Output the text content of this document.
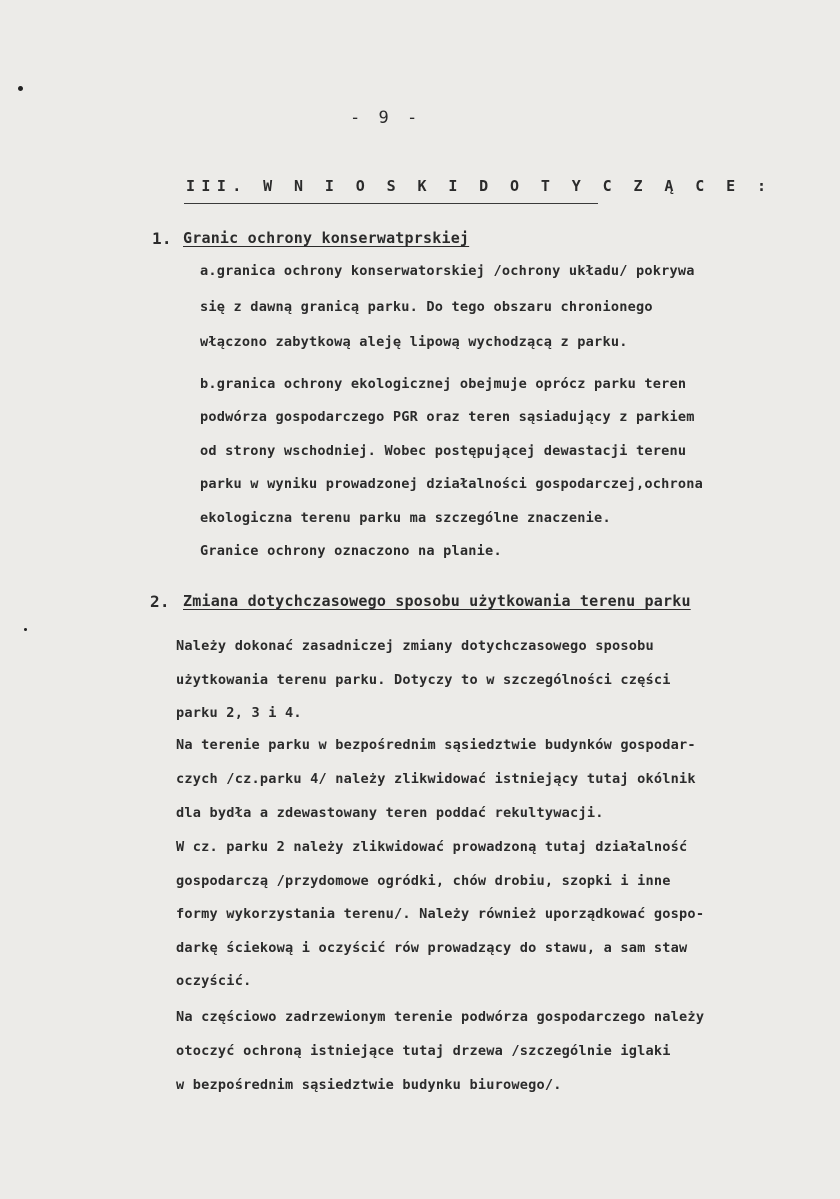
- 9 -
III. W N I O S K I D O T Y C Z Ą C E :
1. Granic ochrony konserwatprskiej
a.granica ochrony konserwatorskiej /ochrony układu/ pokrywa
się z dawną granicą parku. Do tego obszaru chronionego
włączono zabytkową aleję lipową wychodzącą z parku.
b.granica ochrony ekologicznej obejmuje oprócz parku teren
podwórza gospodarczego PGR oraz teren sąsiadujący z parkiem
od strony wschodniej. Wobec postępującej dewastacji terenu
parku w wyniku prowadzonej działalności gospodarczej,ochrona
ekologiczna terenu parku ma szczególne znaczenie.
Granice ochrony oznaczono na planie.
2. Zmiana dotychczasowego sposobu użytkowania terenu parku
Należy dokonać zasadniczej zmiany dotychczasowego sposobu
użytkowania terenu parku. Dotyczy to w szczególności części
parku 2, 3 i 4.
Na terenie parku w bezpośrednim sąsiedztwie budynków gospodar-
czych /cz.parku 4/ należy zlikwidować istniejący tutaj okólnik
dla bydła a zdewastowany teren poddać rekultywacji.
W cz. parku 2 należy zlikwidować prowadzoną tutaj działalność
gospodarczą /przydomowe ogródki, chów drobiu, szopki i inne
formy wykorzystania terenu/. Należy również uporządkować gospo-
darkę ściekową i oczyścić rów prowadzący do stawu, a sam staw
oczyścić.
Na częściowo zadrzewionym terenie podwórza gospodarczego należy
otoczyć ochroną istniejące tutaj drzewa /szczególnie iglaki
w bezpośrednim sąsiedztwie budynku biurowego/.
